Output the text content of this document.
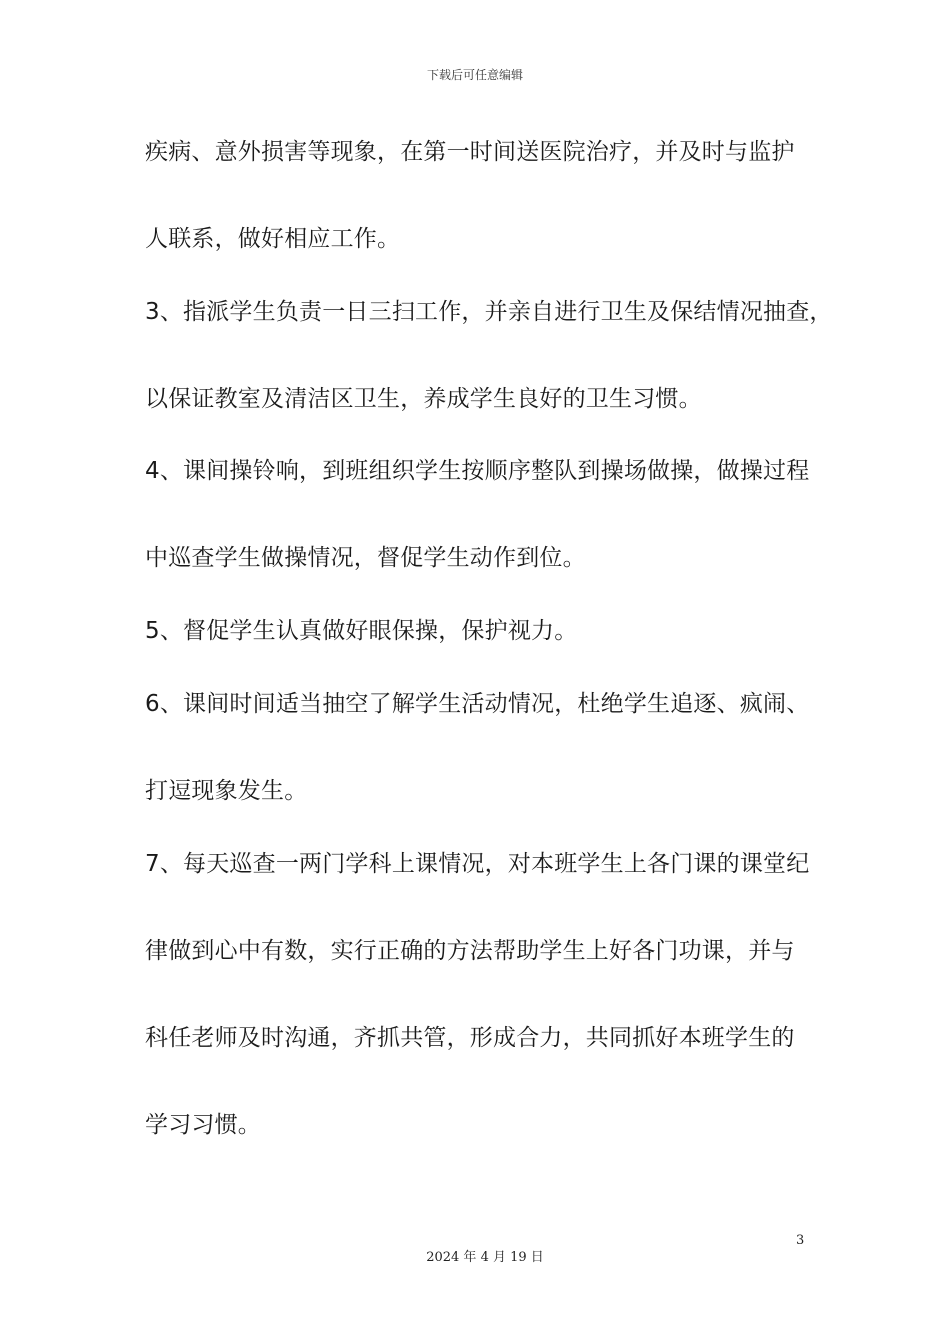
下载后可任意编辑
疾病、意外损害等现象，在第一时间送医院治疗，并及时与监护
人联系，做好相应工作。
3、指派学生负责一日三扫工作，并亲自进行卫生及保结情况抽查，
以保证教室及清洁区卫生，养成学生良好的卫生习惯。
4、课间操铃响，到班组织学生按顺序整队到操场做操，做操过程
中巡查学生做操情况，督促学生动作到位。
5、督促学生认真做好眼保操，保护视力。
6、课间时间适当抽空了解学生活动情况，杜绝学生追逐、疯闹、
打逗现象发生。
7、每天巡查一两门学科上课情况，对本班学生上各门课的课堂纪
律做到心中有数，实行正确的方法帮助学生上好各门功课，并与
科任老师及时沟通，齐抓共管，形成合力，共同抓好本班学生的
学习习惯。
3
2024 年 4 月 19 日
